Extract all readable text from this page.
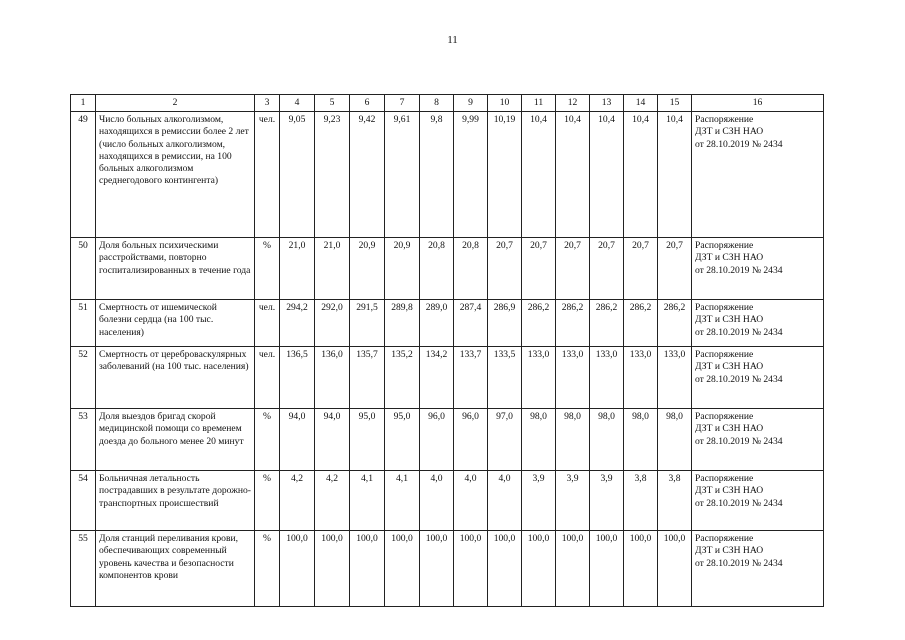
11
1	2	3	4	5	6	7	8	9	10	11	12	13	14	15	16
49	Число больных алкоголизмом, находящихся в ремиссии более 2 лет (число больных алкоголизмом, находящихся в ремиссии, на 100 больных алкоголизмом среднегодового контингента)	чел.	9,05	9,23	9,42	9,61	9,8	9,99	10,19	10,4	10,4	10,4	10,4	10,4	Распоряжение
ДЗТ и СЗН НАО
от 28.10.2019 № 2434

50	Доля больных психическими расстройствами, повторно госпитализированных в течение года	%	21,0	21,0	20,9	20,9	20,8	20,8	20,7	20,7	20,7	20,7	20,7	20,7	Распоряжение
ДЗТ и СЗН НАО
от 28.10.2019 № 2434

51	Смертность от ишемической болезни сердца (на 100 тыс. населения)	чел.	294,2	292,0	291,5	289,8	289,0	287,4	286,9	286,2	286,2	286,2	286,2	286,2	Распоряжение
ДЗТ и СЗН НАО
от 28.10.2019 № 2434

52	Смертность от цереброваскулярных заболеваний (на 100 тыс. населения)	чел.	136,5	136,0	135,7	135,2	134,2	133,7	133,5	133,0	133,0	133,0	133,0	133,0	Распоряжение
ДЗТ и СЗН НАО
от 28.10.2019 № 2434

53	Доля выездов бригад скорой медицинской помощи со временем доезда до больного менее 20 минут	%	94,0	94,0	95,0	95,0	96,0	96,0	97,0	98,0	98,0	98,0	98,0	98,0	Распоряжение
ДЗТ и СЗН НАО
от 28.10.2019 № 2434

54	Больничная летальность пострадавших в результате дорожно-транспортных происшествий	%	4,2	4,2	4,1	4,1	4,0	4,0	4,0	3,9	3,9	3,9	3,8	3,8	Распоряжение
ДЗТ и СЗН НАО
от 28.10.2019 № 2434

55	Доля станций переливания крови, обеспечивающих современный уровень качества и безопасности компонентов крови	%	100,0	100,0	100,0	100,0	100,0	100,0	100,0	100,0	100,0	100,0	100,0	100,0	Распоряжение
ДЗТ и СЗН НАО
от 28.10.2019 № 2434
